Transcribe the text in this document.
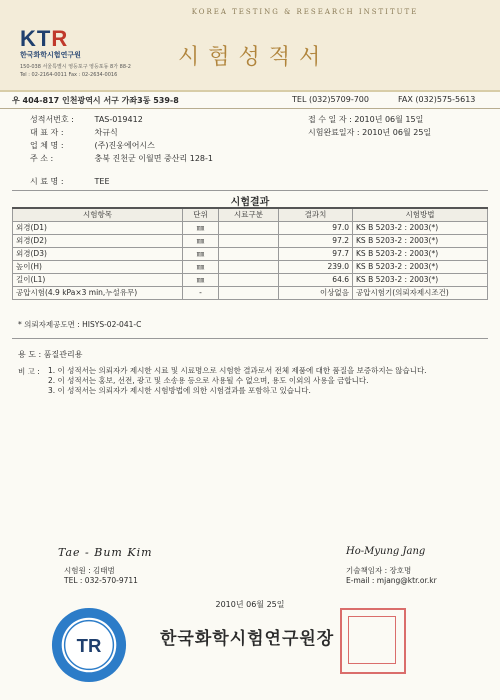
KOREA TESTING & RESEARCH INSTITUTE
KTR
한국화학시험연구원
150-038 서울특별시 영등포구 영등포동 8가 88-2
Tel : 02-2164-0011 Fax : 02-2634-0016
시험성적서
우 404-817 인천광역시 서구 가좌3동 539-8	TEL (032)5709-700	FAX (032)575-5613
성적서번호 :	TAS-019412
대 표 자 :	차규식
업 체 명 :	(주)진웅에어시스
주 소 :	충북 진천군 이월면 중산리 128-1
접 수 일 자 : 2010년 06월 15일
시험완료일자 : 2010년 06월 25일
시 료 명 :	TEE
시험결과
시험항목	단위	시료구분	결과치	시험방법
외경(D1)	㎜		97.0	KS B 5203-2 : 2003(*)
외경(D2)	㎜		97.2	KS B 5203-2 : 2003(*)
외경(D3)	㎜		97.7	KS B 5203-2 : 2003(*)
높이(H)	㎜		239.0	KS B 5203-2 : 2003(*)
길이(L1)	㎜		64.6	KS B 5203-2 : 2003(*)
공압시험(4.9 kPa×3 min,누설유무)	-		이상없음	공압시험기(의뢰자제시조건)
* 의뢰자제공도면 : HISYS-02-041-C
용 도 : 품질관리용
비 고 : 1. 이 성적서는 의뢰자가 제시한 시료 및 시료명으로 시험한 결과로서 전체 제품에 대한 품질을 보증하지는 않습니다.
2. 이 성적서는 홍보, 선전, 광고 및 소송용 등으로 사용될 수 없으며, 용도 이외의 사용을 금합니다.
3. 이 성적서는 의뢰자가 제시한 시험방법에 의한 시험결과를 포함하고 있습니다.
Tae - Bum Kim
시험원 : 김태범
TEL : 032-570-9711
Ho-Myung Jang
기술책임자 : 장호명
E-mail : mjang@ktr.or.kr
2010년 06월 25일
TR	한국화학시험연구원장
